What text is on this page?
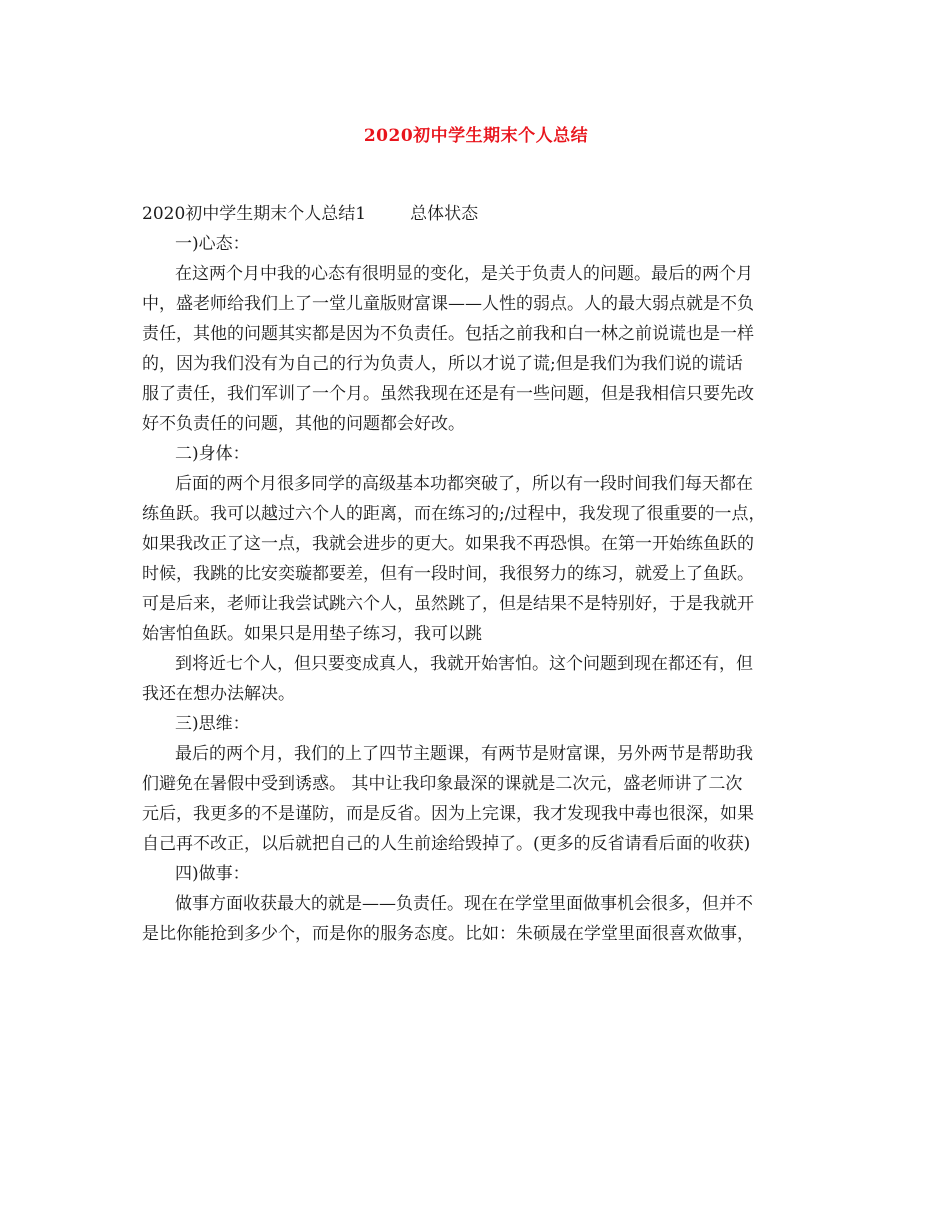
2020初中学生期末个人总结

2020初中学生期末个人总结1	总体状态

一)心态：

在这两个月中我的心态有很明显的变化，是关于负责人的问题。最后的两个月
中，盛老师给我们上了一堂儿童版财富课——人性的弱点。人的最大弱点就是不负
责任，其他的问题其实都是因为不负责任。包括之前我和白一林之前说谎也是一样
的，因为我们没有为自己的行为负责人，所以才说了谎;但是我们为我们说的谎话
服了责任，我们军训了一个月。虽然我现在还是有一些问题，但是我相信只要先改
好不负责任的问题，其他的问题都会好改。

二)身体：

后面的两个月很多同学的高级基本功都突破了，所以有一段时间我们每天都在
练鱼跃。我可以越过六个人的距离，而在练习的;/过程中，我发现了很重要的一点，
如果我改正了这一点，我就会进步的更大。如果我不再恐惧。在第一开始练鱼跃的
时候，我跳的比安奕璇都要差，但有一段时间，我很努力的练习，就爱上了鱼跃。
可是后来，老师让我尝试跳六个人，虽然跳了，但是结果不是特别好，于是我就开
始害怕鱼跃。如果只是用垫子练习，我可以跳
到将近七个人，但只要变成真人，我就开始害怕。这个问题到现在都还有，但
我还在想办法解决。

三)思维：

最后的两个月，我们的上了四节主题课，有两节是财富课，另外两节是帮助我
们避免在暑假中受到诱惑。 其中让我印象最深的课就是二次元，盛老师讲了二次
元后，我更多的不是谨防，而是反省。因为上完课，我才发现我中毒也很深，如果
自己再不改正，以后就把自己的人生前途给毁掉了。(更多的反省请看后面的收获)

四)做事：

做事方面收获最大的就是——负责任。现在在学堂里面做事机会很多，但并不
是比你能抢到多少个，而是你的服务态度。比如：朱硕晟在学堂里面很喜欢做事，
